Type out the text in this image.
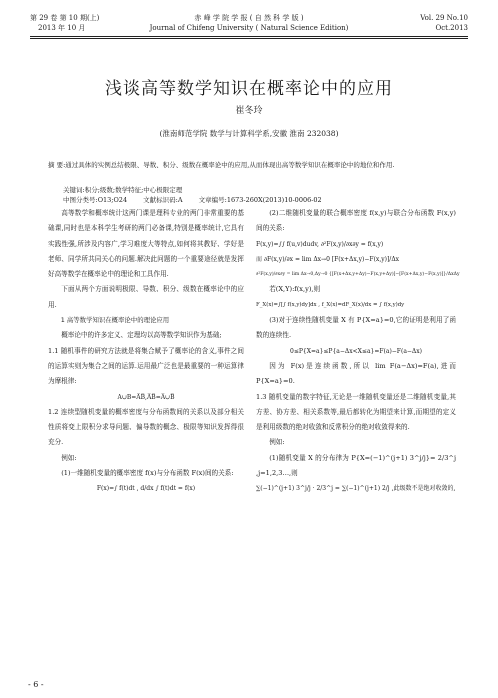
第 29 卷 第 10 期(上)
2013 年 10 月
赤 峰 学 院 学 报 ( 自 然 科 学 版 )
Journal of Chifeng University ( Natural Science Edition)
Vol. 29 No.10
Oct.2013
浅谈高等数学知识在概率论中的应用
崔冬玲
(淮南师范学院 数学与计算科学系,安徽 淮南 232038)
摘 要:通过具体的实例总结极限、导数、积分、级数在概率论中的应用,从而体现出高等数学知识在概率论中的地位和作用.
关键词:积分;级数;数学特征;中心极限定理
中图分类号:O13;O24 文献标识码:A 文章编号:1673-260X(2013)10-0006-02

高等数学和概率统计这两门课是理科专业的两门非常重要的基础课,同时也是本科学生考研的两门必备课,特别是概率统计,它具有实践性强,所涉及内容广,学习难度大等特点,如何将其教好、学好是老师、同学所共同关心的问题.解决此问题的一个重要途径就是发挥好高等数学在概率论中的理论和工具作用.

下面从两个方面说明极限、导数、积分、级数在概率论中的应用.

1 高等数学知识在概率论中的理论应用

概率论中的许多定义、定理均以高等数学知识作为基础;

1.1 随机事件的研究方法就是将集合赋予了概率论的含义,事件之间的运算实则为集合之间的运算.运用最广泛也是最重要的一种运算律为摩根律:

A∪B=A̅B̅,A̅B̅=A̅∪B̅

1.2 连续型随机变量的概率密度与分布函数间的关系以及部分相关性质将变上限积分求导问题、偏导数的概念、极限等知识发挥得很充分.

例如:

(1)一维随机变量的概率密度 f(x)与分布函数 F(x)间的关系:

F(x)=∫ f(t)dt , d/dx ∫ f(t)dt = f(x)

(2)二维随机变量的联合概率密度 f(x,y)与联合分布函数 F(x,y)间的关系:

F(x,y)=∫∫ f(u,v)dudv, ∂²F(x,y)/∂x∂y = f(x,y)

而 ∂F(x,y)/∂x = lim Δx→0 [F(x+Δx,y)−F(x,y)]/Δx

∂²F(x,y)/∂x∂y = lim Δx→0,Δy→0 {[F(x+Δx,y+Δy)−F(x,y+Δy)]−[F(x+Δx,y)−F(x,y)]}/ΔxΔy

若(X,Y):f(x,y),则

F_X(x)=∫[∫ f(x,y)dy]dx , f_X(x)=dF_X(x)/dx = ∫ f(x,y)dy

(3)对于连续性随机变量 X 有 P{X=a}=0,它的证明是利用了函数的连续性.

0≤P{X=a}≤P{a−Δx<X≤a}=F(a)−F(a−Δx)

因为 F(x)是连续函数,所以 lim F(a−Δx)=F(a),进而 P{X=a}=0.

1.3 随机变量的数字特征,无论是一维随机变量还是二维随机变量,其方差、协方差、相关系数等,最后都转化为期望来计算,而期望的定义是利用级数的绝对收敛和反常积分的绝对收敛得来的.

例如:

(1)随机变量 X 的分布律为 P{X=(−1)^(j+1) 3^j/j}= 2/3^j ,j=1,2,3…,则

∑(−1)^(j+1) 3^j/j · 2/3^j = ∑(−1)^(j+1) 2/j ,此级数不是绝对收敛的,

- 6 -
